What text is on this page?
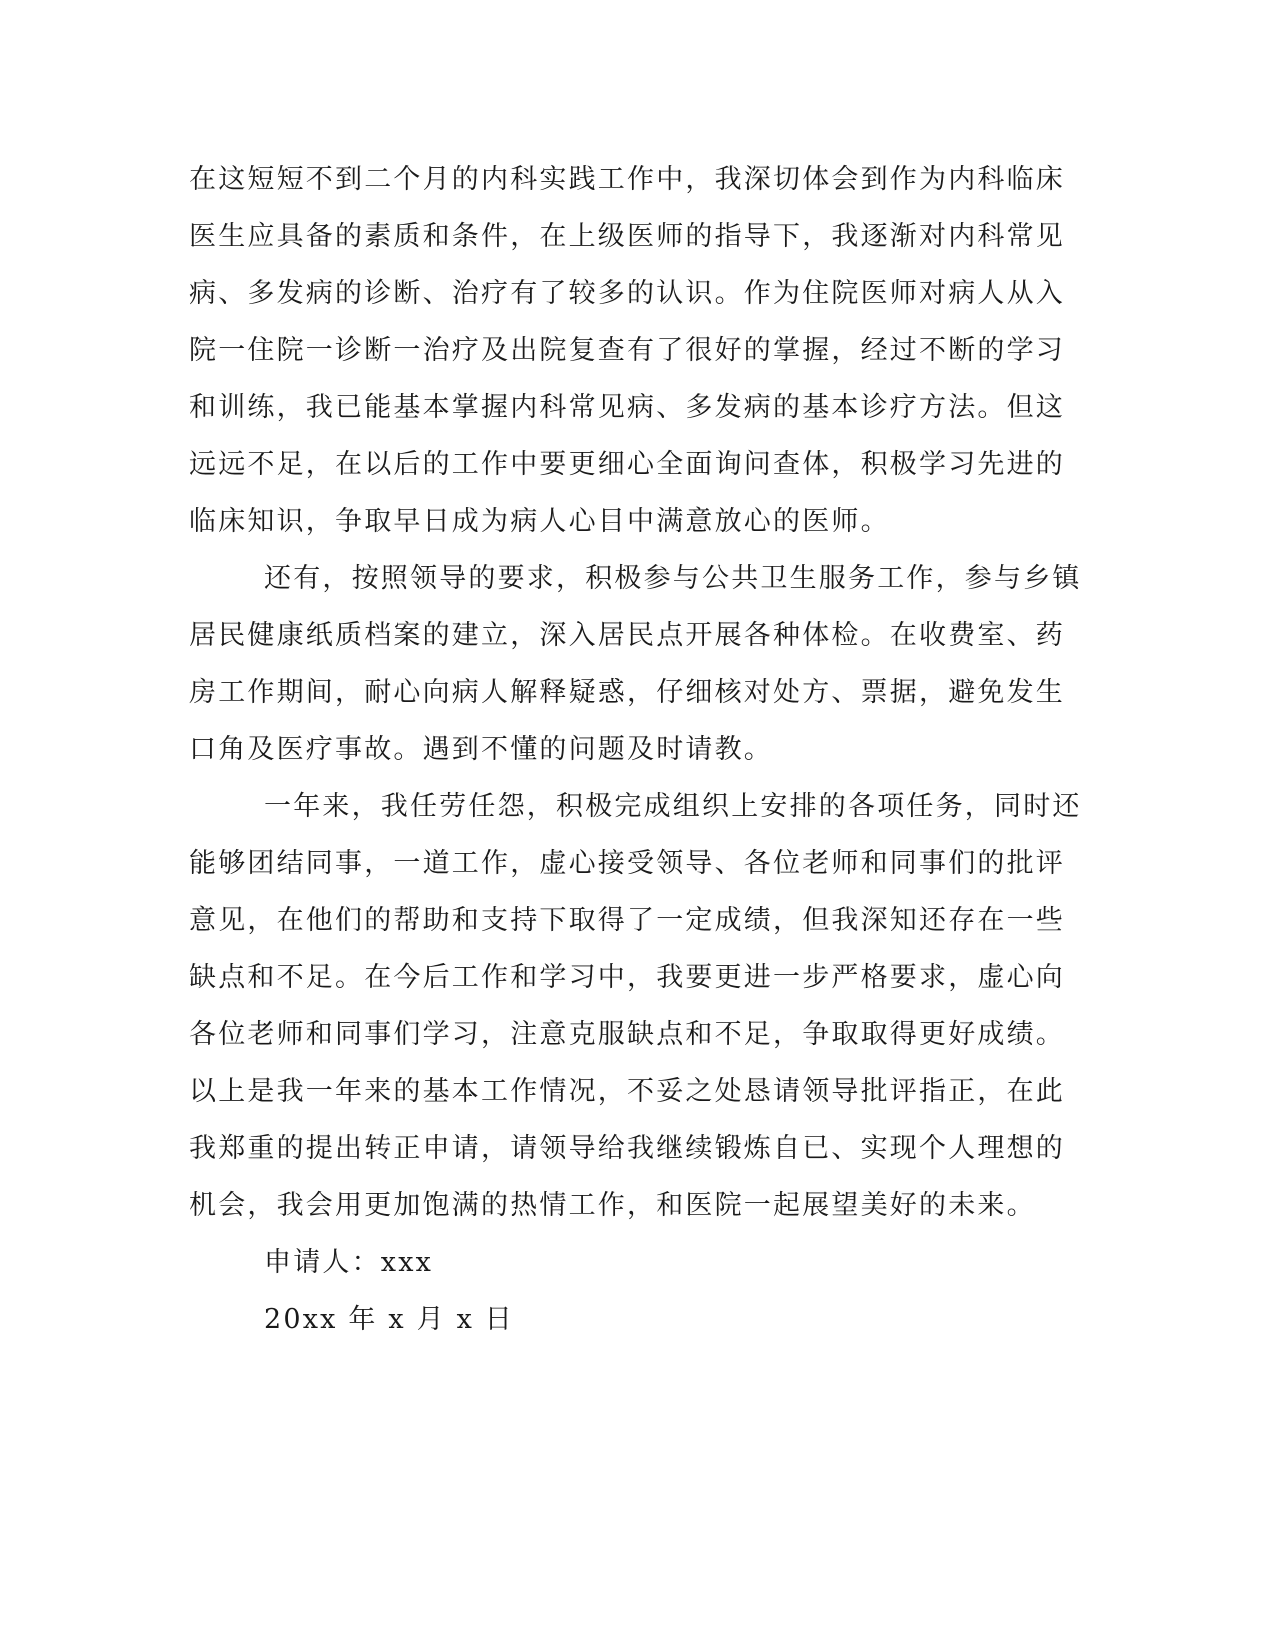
在这短短不到二个月的内科实践工作中，我深切体会到作为内科临床
医生应具备的素质和条件，在上级医师的指导下，我逐渐对内科常见
病、多发病的诊断、治疗有了较多的认识。作为住院医师对病人从入
院一住院一诊断一治疗及出院复查有了很好的掌握，经过不断的学习
和训练，我已能基本掌握内科常见病、多发病的基本诊疗方法。但这
远远不足，在以后的工作中要更细心全面询问查体，积极学习先进的
临床知识，争取早日成为病人心目中满意放心的医师。
还有，按照领导的要求，积极参与公共卫生服务工作，参与乡镇
居民健康纸质档案的建立，深入居民点开展各种体检。在收费室、药
房工作期间，耐心向病人解释疑惑，仔细核对处方、票据，避免发生
口角及医疗事故。遇到不懂的问题及时请教。
一年来，我任劳任怨，积极完成组织上安排的各项任务，同时还
能够团结同事，一道工作，虚心接受领导、各位老师和同事们的批评
意见，在他们的帮助和支持下取得了一定成绩，但我深知还存在一些
缺点和不足。在今后工作和学习中，我要更进一步严格要求，虚心向
各位老师和同事们学习，注意克服缺点和不足，争取取得更好成绩。
以上是我一年来的基本工作情况，不妥之处恳请领导批评指正，在此
我郑重的提出转正申请，请领导给我继续锻炼自已、实现个人理想的
机会，我会用更加饱满的热情工作，和医院一起展望美好的未来。
申请人：xxx
20xx 年 x 月 x 日
